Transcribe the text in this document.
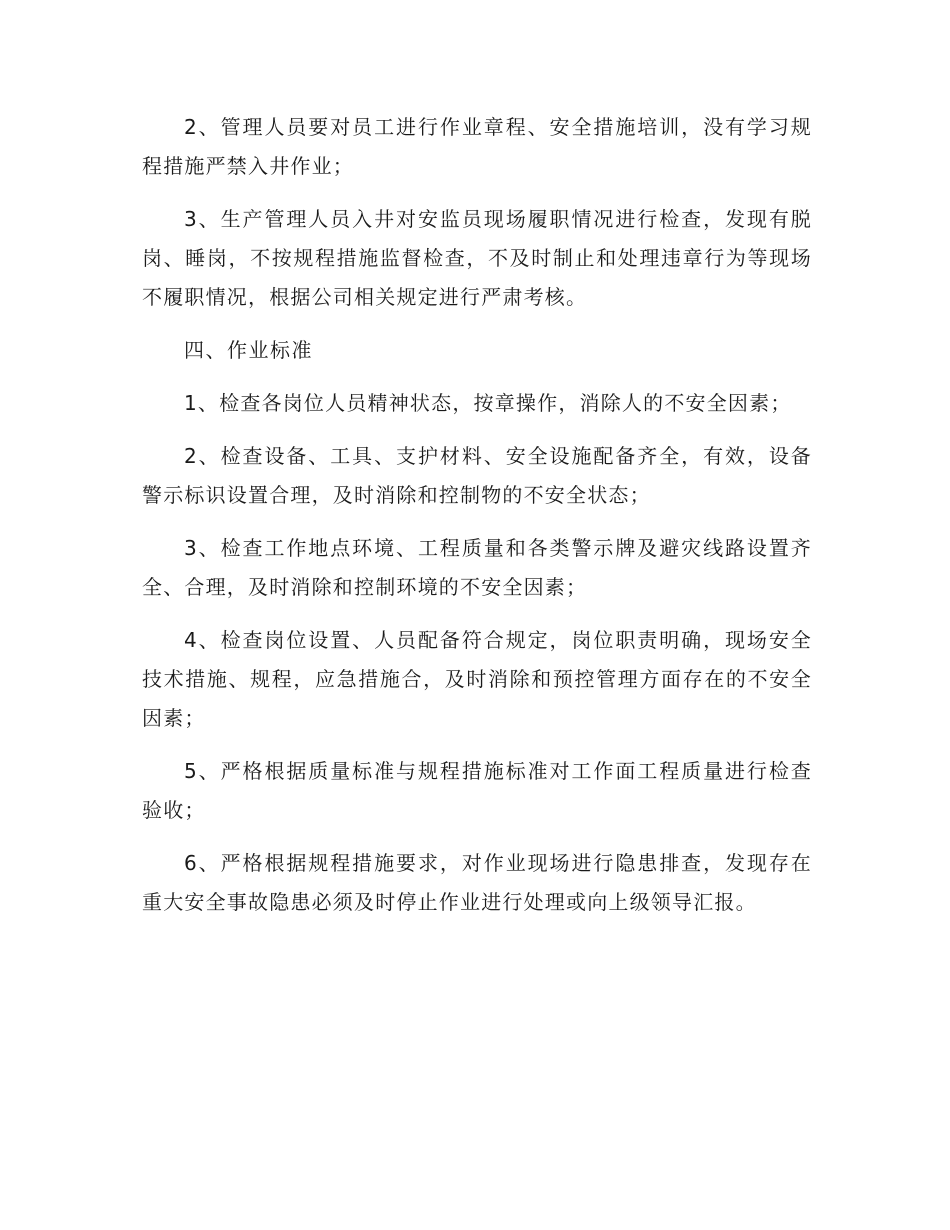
2、管理人员要对员工进行作业章程、安全措施培训，没有学习规程措施严禁入井作业；

3、生产管理人员入井对安监员现场履职情况进行检查，发现有脱岗、睡岗，不按规程措施监督检查，不及时制止和处理违章行为等现场不履职情况，根据公司相关规定进行严肃考核。

四、作业标准

1、检查各岗位人员精神状态，按章操作，消除人的不安全因素；

2、检查设备、工具、支护材料、安全设施配备齐全，有效，设备警示标识设置合理，及时消除和控制物的不安全状态；

3、检查工作地点环境、工程质量和各类警示牌及避灾线路设置齐全、合理，及时消除和控制环境的不安全因素；

4、检查岗位设置、人员配备符合规定，岗位职责明确，现场安全技术措施、规程，应急措施合，及时消除和预控管理方面存在的不安全因素；

5、严格根据质量标准与规程措施标准对工作面工程质量进行检查验收；

6、严格根据规程措施要求，对作业现场进行隐患排查，发现存在重大安全事故隐患必须及时停止作业进行处理或向上级领导汇报。
